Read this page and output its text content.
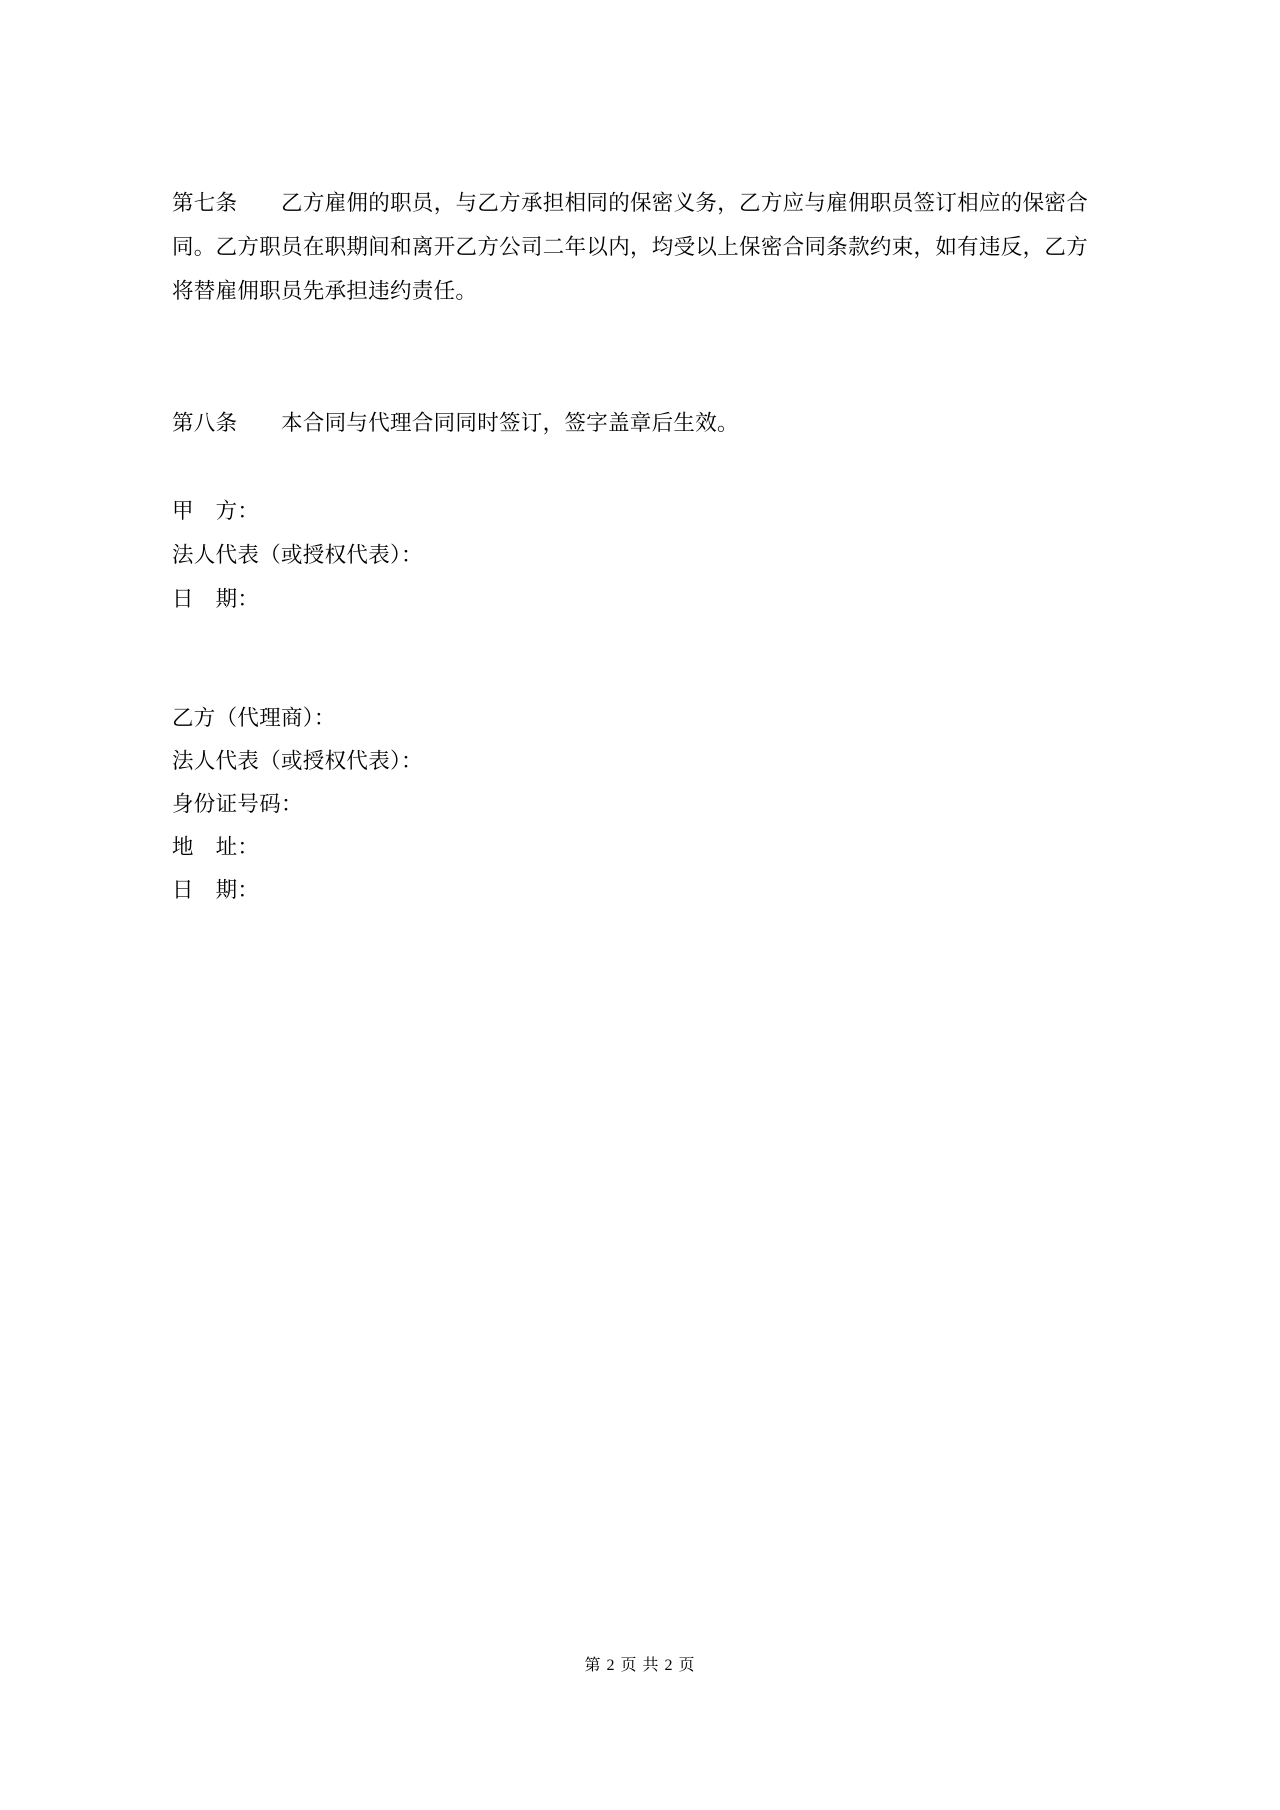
第七条　　乙方雇佣的职员，与乙方承担相同的保密义务，乙方应与雇佣职员签订相应的保密合同。乙方职员在职期间和离开乙方公司二年以内，均受以上保密合同条款约束，如有违反，乙方将替雇佣职员先承担违约责任。

第八条　　本合同与代理合同同时签订，签字盖章后生效。

甲　方：
法人代表（或授权代表）：
日　期：
乙方（代理商）：
法人代表（或授权代表）：
身份证号码：
地　址：
日　期：
第 2 页 共 2 页
